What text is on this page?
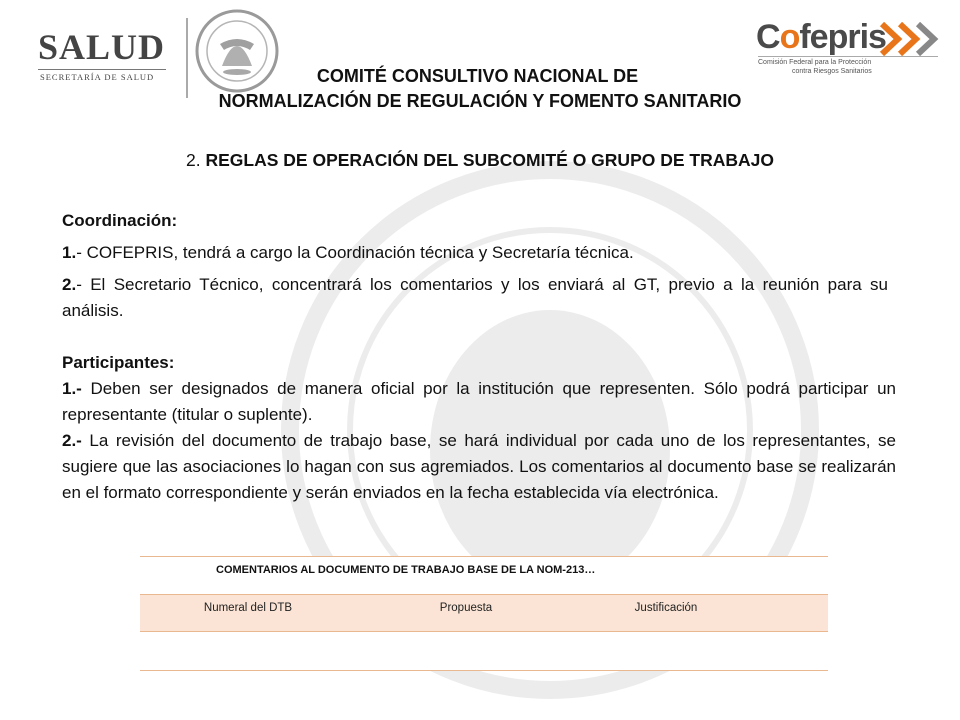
SALUD
SECRETARÍA DE SALUD
Cofepris
Comisión Federal para la Protección
contra Riesgos Sanitarios
COMITÉ CONSULTIVO NACIONAL DE
NORMALIZACIÓN DE REGULACIÓN Y FOMENTO SANITARIO
2. REGLAS DE OPERACIÓN DEL SUBCOMITÉ O GRUPO DE TRABAJO
Coordinación:
1.- COFEPRIS, tendrá a cargo la Coordinación técnica y Secretaría técnica.
2.- El Secretario Técnico, concentrará los comentarios y los enviará al GT, previo a la reunión para su análisis.
Participantes:
1.- Deben ser designados de manera oficial por la institución que representen. Sólo podrá participar un representante (titular o suplente).
2.- La revisión del documento de trabajo base, se hará individual por cada uno de los representantes, se sugiere que las asociaciones lo hagan con sus agremiados. Los comentarios al documento base se realizarán en el formato correspondiente y serán enviados en la fecha establecida vía electrónica.
COMENTARIOS AL DOCUMENTO DE TRABAJO BASE DE LA NOM-213…
Numeral del DTB	Propuesta	Justificación
